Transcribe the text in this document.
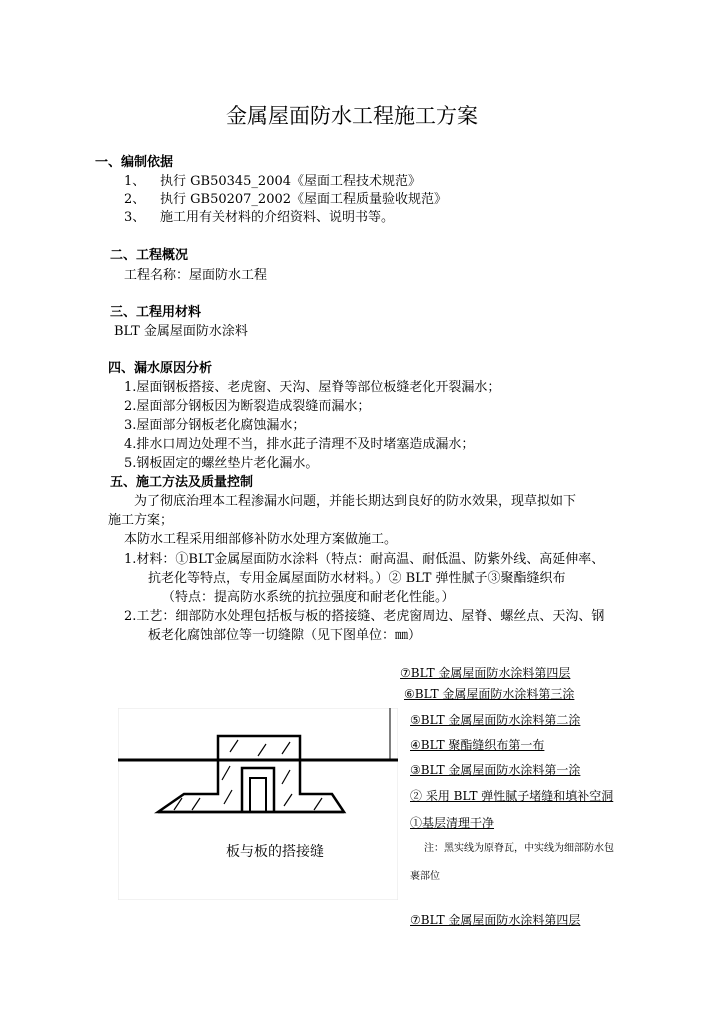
金属屋面防水工程施工方案
一、编制依据
1、 执行 GB50345_2004《屋面工程技术规范》
2、 执行 GB50207_2002《屋面工程质量验收规范》
3、 施工用有关材料的介绍资料、说明书等。
二、工程概况
工程名称：屋面防水工程
三、工程用材料
BLT 金属屋面防水涂料
四、漏水原因分析
1.屋面钢板搭接、老虎窗、天沟、屋脊等部位板缝老化开裂漏水；
2.屋面部分钢板因为断裂造成裂缝而漏水；
3.屋面部分钢板老化腐蚀漏水；
4.排水口周边处理不当，排水茈子清理不及时堵塞造成漏水；
5.钢板固定的螺丝垫片老化漏水。
五、施工方法及质量控制
为了彻底治理本工程渗漏水问题，并能长期达到良好的防水效果，现草拟如下
施工方案；
本防水工程采用细部修补防水处理方案做施工。
1.材料：①BLT金属屋面防水涂料（特点：耐高温、耐低温、防紫外线、高延伸率、
抗老化等特点，专用金属屋面防水材料。）② BLT 弹性腻子③聚酯缝织布
（特点：提高防水系统的抗拉强度和耐老化性能。）
2.工艺：细部防水处理包括板与板的搭接缝、老虎窗周边、屋脊、螺丝点、天沟、钢
板老化腐蚀部位等一切缝隙（见下图单位：㎜）
板与板的搭接缝
⑦BLT 金属屋面防水涂料第四层
⑥BLT 金属屋面防水涂料第三涂
⑤BLT 金属屋面防水涂料第二涂
④BLT 聚酯缝织布第一布
③BLT 金属屋面防水涂料第一涂
② 采用 BLT 弹性腻子堵缝和填补空洞
①基层清理干净
注：黑实线为原脊瓦，中实线为细部防水包
裹部位
⑦BLT 金属屋面防水涂料第四层
